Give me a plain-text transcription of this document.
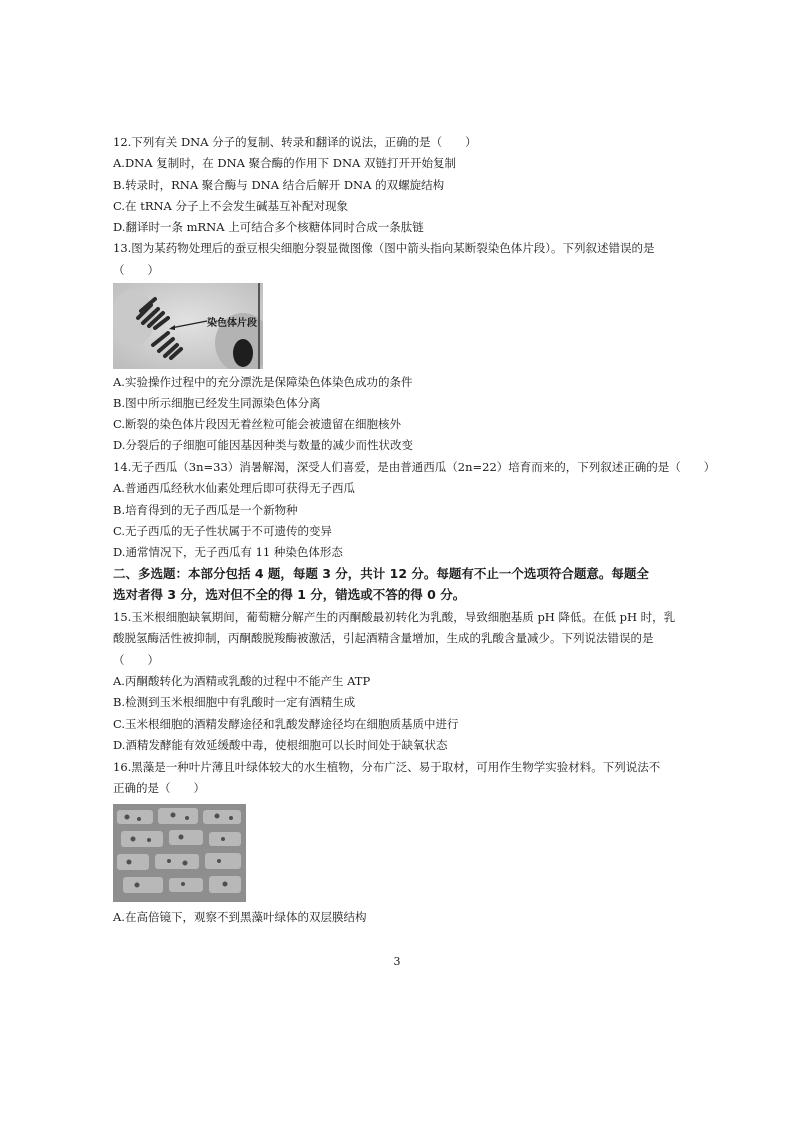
12.下列有关 DNA 分子的复制、转录和翻译的说法，正确的是（　　）
A.DNA 复制时，在 DNA 聚合酶的作用下 DNA 双链打开开始复制
B.转录时，RNA 聚合酶与 DNA 结合后解开 DNA 的双螺旋结构
C.在 tRNA 分子上不会发生碱基互补配对现象
D.翻译时一条 mRNA 上可结合多个核糖体同时合成一条肽链
13.图为某药物处理后的蚕豆根尖细胞分裂显微图像（图中箭头指向某断裂染色体片段）。下列叙述错误的是
（　　）
染色体片段
A.实验操作过程中的充分漂洗是保障染色体染色成功的条件
B.图中所示细胞已经发生同源染色体分离
C.断裂的染色体片段因无着丝粒可能会被遗留在细胞核外
D.分裂后的子细胞可能因基因种类与数量的减少而性状改变
14.无子西瓜（3n=33）消暑解渴，深受人们喜爱，是由普通西瓜（2n=22）培育而来的，下列叙述正确的是（　　）
A.普通西瓜经秋水仙素处理后即可获得无子西瓜
B.培育得到的无子西瓜是一个新物种
C.无子西瓜的无子性状属于不可遗传的变异
D.通常情况下，无子西瓜有 11 种染色体形态
二、多选题：本部分包括 4 题，每题 3 分，共计 12 分。每题有不止一个选项符合题意。每题全
选对者得 3 分，选对但不全的得 1 分，错选或不答的得 0 分。
15.玉米根细胞缺氧期间，葡萄糖分解产生的丙酮酸最初转化为乳酸，导致细胞基质 pH 降低。在低 pH 时，乳
酸脱氢酶活性被抑制，丙酮酸脱羧酶被激活，引起酒精含量增加，生成的乳酸含量减少。下列说法错误的是
（　　）
A.丙酮酸转化为酒精或乳酸的过程中不能产生 ATP
B.检测到玉米根细胞中有乳酸时一定有酒精生成
C.玉米根细胞的酒精发酵途径和乳酸发酵途径均在细胞质基质中进行
D.酒精发酵能有效延缓酸中毒，使根细胞可以长时间处于缺氧状态
16.黑藻是一种叶片薄且叶绿体较大的水生植物，分布广泛、易于取材，可用作生物学实验材料。下列说法不
正确的是（　　）
A.在高倍镜下，观察不到黑藻叶绿体的双层膜结构
3
